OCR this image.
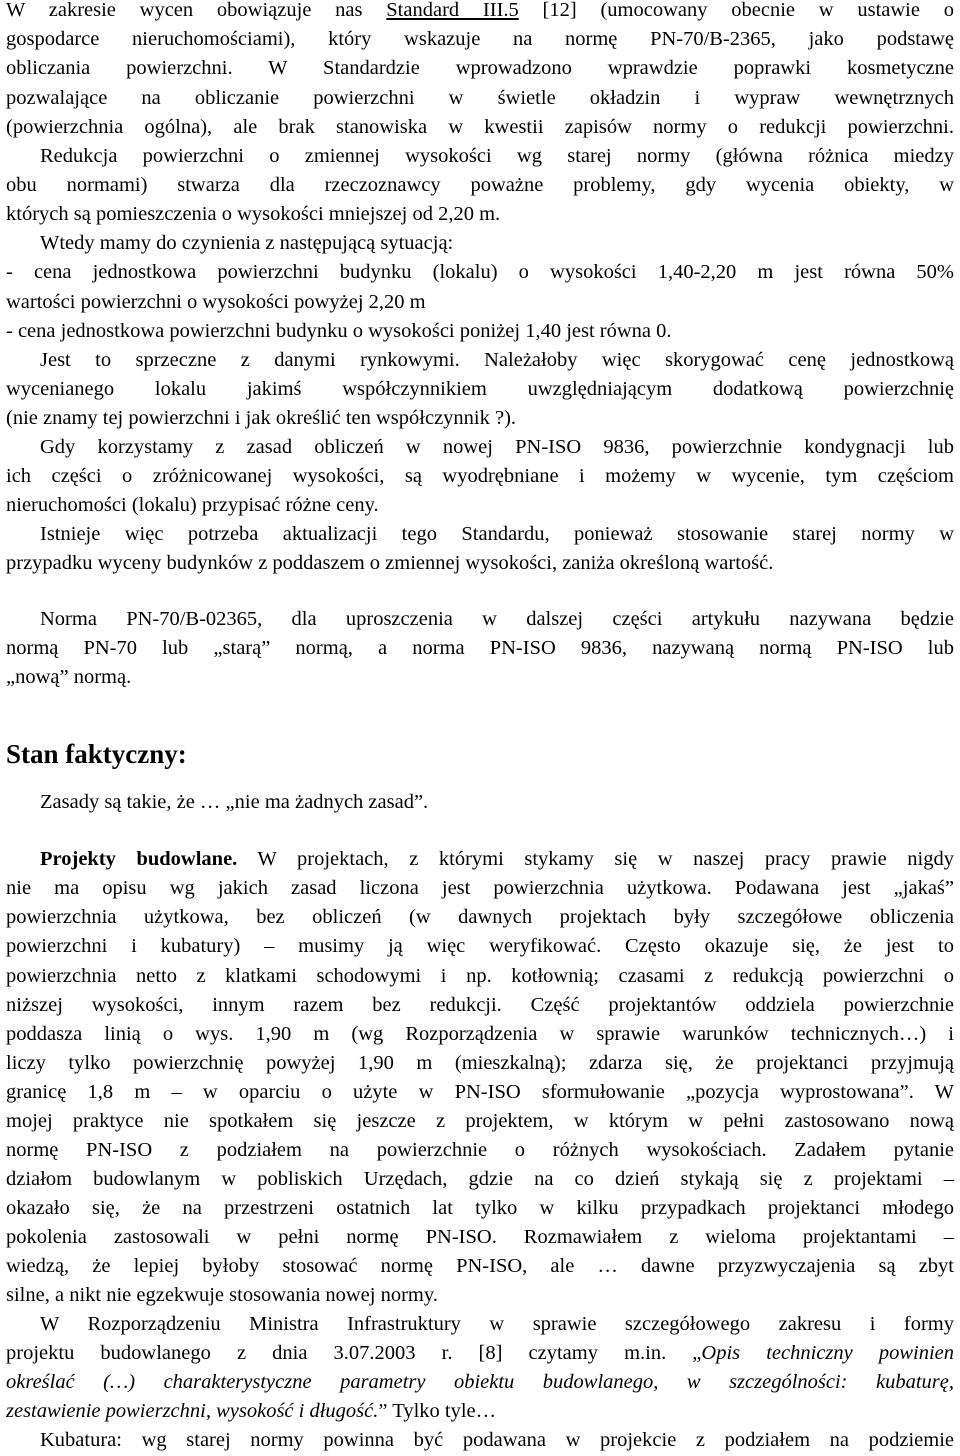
W zakresie wycen obowiązuje nas Standard III.5 [12] (umocowany obecnie w ustawie o
gospodarce nieruchomościami), który wskazuje na normę PN-70/B-2365, jako podstawę
obliczania powierzchni. W Standardzie wprowadzono wprawdzie poprawki kosmetyczne
pozwalające na obliczanie powierzchni w świetle okładzin i wypraw wewnętrznych
(powierzchnia ogólna), ale brak stanowiska w kwestii zapisów normy o redukcji powierzchni.
Redukcja powierzchni o zmiennej wysokości wg starej normy (główna różnica miedzy
obu normami) stwarza dla rzeczoznawcy poważne problemy, gdy wycenia obiekty, w
których są pomieszczenia o wysokości mniejszej od 2,20 m.
Wtedy mamy do czynienia z następującą sytuacją:
- cena jednostkowa powierzchni budynku (lokalu) o wysokości 1,40-2,20 m jest równa 50%
wartości powierzchni o wysokości powyżej 2,20 m
- cena jednostkowa powierzchni budynku o wysokości poniżej 1,40 jest równa 0.
Jest to sprzeczne z danymi rynkowymi. Należałoby więc skorygować cenę jednostkową
wycenianego lokalu jakimś współczynnikiem uwzględniającym dodatkową powierzchnię
(nie znamy tej powierzchni i jak określić ten współczynnik ?).
Gdy korzystamy z zasad obliczeń w nowej PN-ISO 9836, powierzchnie kondygnacji lub
ich części o zróżnicowanej wysokości, są wyodrębniane i możemy w wycenie, tym częściom
nieruchomości (lokalu) przypisać różne ceny.
Istnieje więc potrzeba aktualizacji tego Standardu, ponieważ stosowanie starej normy w
przypadku wyceny budynków z poddaszem o zmiennej wysokości, zaniża określoną wartość.
Norma PN-70/B-02365, dla uproszczenia w dalszej części artykułu nazywana będzie
normą PN-70 lub „starą” normą, a norma PN-ISO 9836, nazywaną normą PN-ISO lub
„nową” normą.
Stan faktyczny:
Zasady są takie, że … „nie ma żadnych zasad”.
Projekty budowlane. W projektach, z którymi stykamy się w naszej pracy prawie nigdy
nie ma opisu wg jakich zasad liczona jest powierzchnia użytkowa. Podawana jest „jakaś”
powierzchnia użytkowa, bez obliczeń (w dawnych projektach były szczegółowe obliczenia
powierzchni i kubatury) – musimy ją więc weryfikować. Często okazuje się, że jest to
powierzchnia netto z klatkami schodowymi i np. kotłownią; czasami z redukcją powierzchni o
niższej wysokości, innym razem bez redukcji. Część projektantów oddziela powierzchnie
poddasza linią o wys. 1,90 m (wg Rozporządzenia w sprawie warunków technicznych…) i
liczy tylko powierzchnię powyżej 1,90 m (mieszkalną); zdarza się, że projektanci przyjmują
granicę 1,8 m – w oparciu o użyte w PN-ISO sformułowanie „pozycja wyprostowana”. W
mojej praktyce nie spotkałem się jeszcze z projektem, w którym w pełni zastosowano nową
normę PN-ISO z podziałem na powierzchnie o różnych wysokościach. Zadałem pytanie
działom budowlanym w pobliskich Urzędach, gdzie na co dzień stykają się z projektami –
okazało się, że na przestrzeni ostatnich lat tylko w kilku przypadkach projektanci młodego
pokolenia zastosowali w pełni normę PN-ISO. Rozmawiałem z wieloma projektantami –
wiedzą, że lepiej byłoby stosować normę PN-ISO, ale … dawne przyzwyczajenia są zbyt
silne, a nikt nie egzekwuje stosowania nowej normy.
W Rozporządzeniu Ministra Infrastruktury w sprawie szczegółowego zakresu i formy
projektu budowlanego z dnia 3.07.2003 r. [8] czytamy m.in. „Opis techniczny powinien
określać (…) charakterystyczne parametry obiektu budowlanego, w szczególności: kubaturę,
zestawienie powierzchni, wysokość i długość.” Tylko tyle…
Kubatura: wg starej normy powinna być podawana w projekcie z podziałem na podziemie
